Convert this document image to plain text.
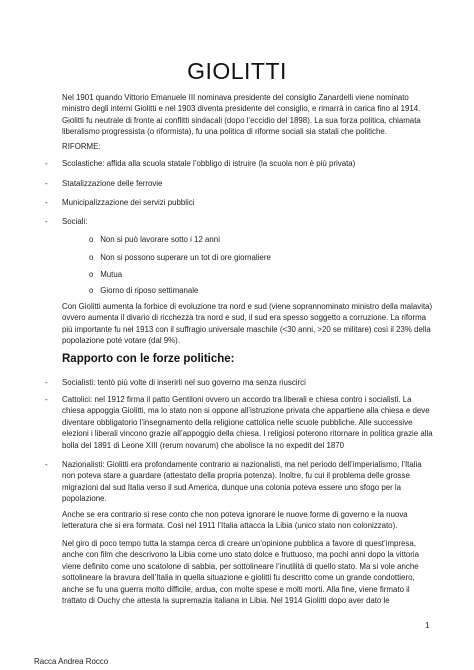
GIOLITTI
Nel 1901 quando Vittorio Emanuele III nominava presidente del consiglio Zanardelli viene nominato ministro degli interni Giolitti e nel 1903 diventa presidente del consiglio, e rimarrà in carica fino al 1914. Giolitti fu neutrale di fronte ai conflitti sindacali (dopo l’eccidio del 1898). La sua forza politica, chiamata liberalismo progressista (o riformista), fu una politica di riforme sociali sia statali che politiche.
RIFORME:
-	Scolastiche: affida alla scuola statale l’obbligo di istruire (la scuola non è più privata)
-	Statalizzazione delle ferrovie
-	Municipalizzazione dei servizi pubblici
-	Sociali:
o Non si può lavorare sotto i 12 anni
o Non si possono superare un tot di ore giornaliere
o Mutua
o Giorno di riposo settimanale
Con Giolitti aumenta la forbice di evoluzione tra nord e sud (viene soprannominato ministro della malavita) ovvero aumenta il divario di ricchezza tra nord e sud, il sud era spesso soggetto a corruzione. La riforma più importante fu nel 1913 con il suffragio universale maschile (<30 anni, >20 se militare) così il 23% della popolazione poté votare (dal 9%).
Rapporto con le forze politiche:
-	Socialisti: tentò più volte di inserirli nel suo governo ma senza riuscirci
-	Cattolici: nel 1912 firma il patto Gentiloni ovvero un accordo tra liberali e chiesa contro i socialisti. La chiesa appoggia Giolitti, ma lo stato non si oppone all’istruzione privata che appartiene alla chiesa e deve diventare obbligatorio l’insegnamento della religione cattolica nelle scuole pubbliche. Alle successive elezioni i liberali vincono grazie all’appoggio della chiesa. I religiosi poterono ritornare in politica grazie alla bolla del 1891 di Leone XIII (rerum novarum) che abolisce la no expedit del 1870
-	Nazionalisti: Giolitti era profondamente contrario ai nazionalisti, ma nel periodo dell’imperialismo, l’Italia non poteva stare a guardare (attestato della propria potenza). Inoltre, fu cui il problema delle grosse migrazioni dal sud Italia verso il sud America, dunque una colonia poteva essere uno sfogo per la popolazione.
Anche se era contrario si rese conto che non poteva ignorare le nuove forme di governo e la nuova letteratura che si era formata. Così nel 1911 l’Italia attacca la Libia (unico stato non colonizzato).
Nel giro di poco tempo tutta la stampa cerca di creare un’opinione pubblica a favore di quest’impresa, anche con film che descrivono la Libia come uno stato dolce e fruttuoso, ma pochi anni dopo la vittoria viene definito come uno scatolone di sabbia, per sottolineare l’inutilità di quello stato. Ma si vole anche sottolineare la bravura dell’Italia in quella situazione e giolitti fu descritto come un grande condottiero, anche se fu una guerra molto difficile, ardua, con molte spese e molti morti. Alla fine, viene firmato il trattato di Ouchy che attesta la supremazia italiana in Libia. Nel 1914 Giolitti dopo aver dato le
1
Racca Andrea Rocco
